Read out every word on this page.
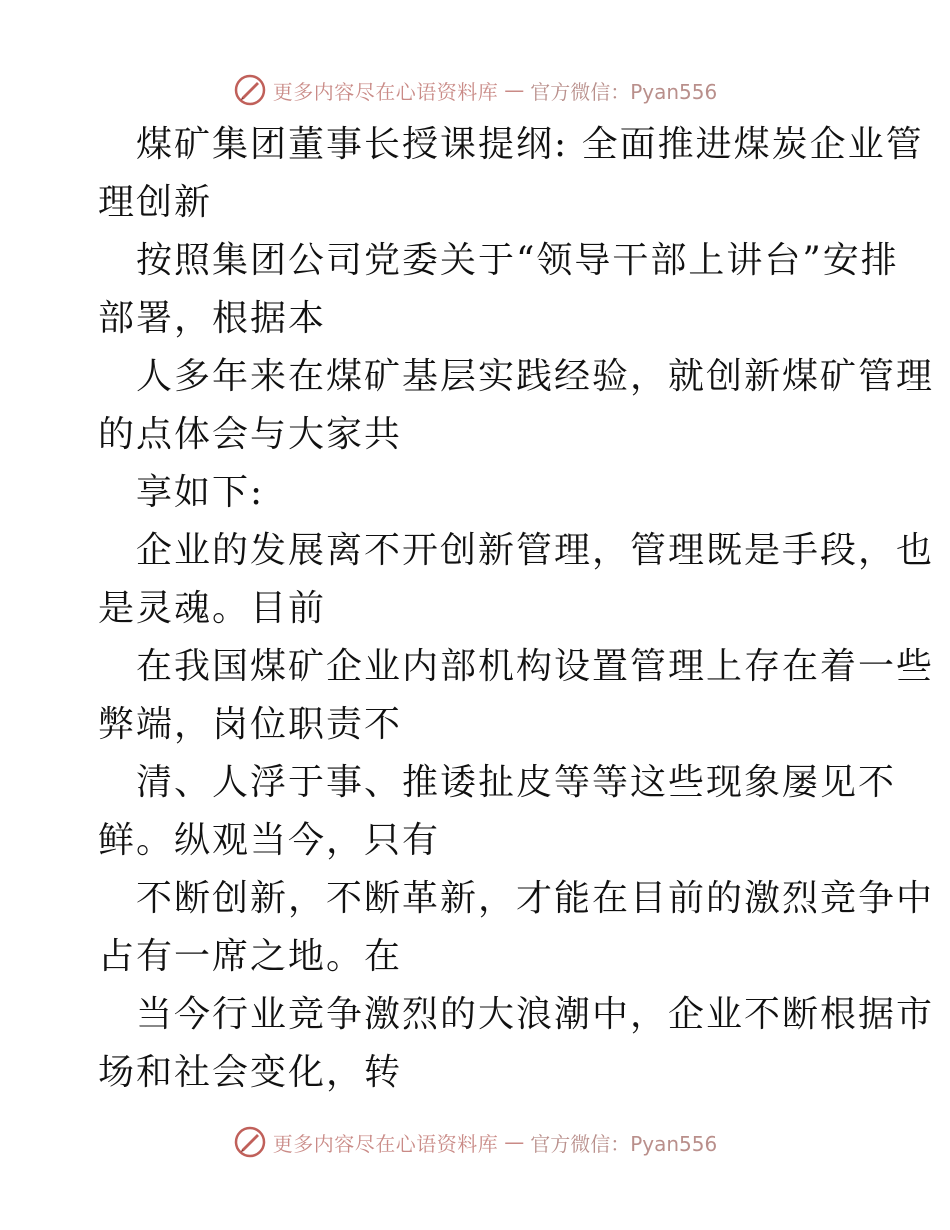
更多内容尽在心语资料库 — 官方微信：Pyan556
煤矿集团董事长授课提纲: 全面推进煤炭企业管
理创新
按照集团公司党委关于“领导干部上讲台”安排
部署，根据本
人多年来在煤矿基层实践经验，就创新煤矿管理
的点体会与大家共
享如下:
企业的发展离不开创新管理，管理既是手段，也
是灵魂。目前
在我国煤矿企业内部机构设置管理上存在着一些
弊端，岗位职责不
清、人浮于事、推诿扯皮等等这些现象屡见不
鲜。纵观当今，只有
不断创新，不断革新，才能在目前的激烈竞争中
占有一席之地。在
当今行业竞争激烈的大浪潮中，企业不断根据市
场和社会变化，转
更多内容尽在心语资料库 — 官方微信：Pyan556
